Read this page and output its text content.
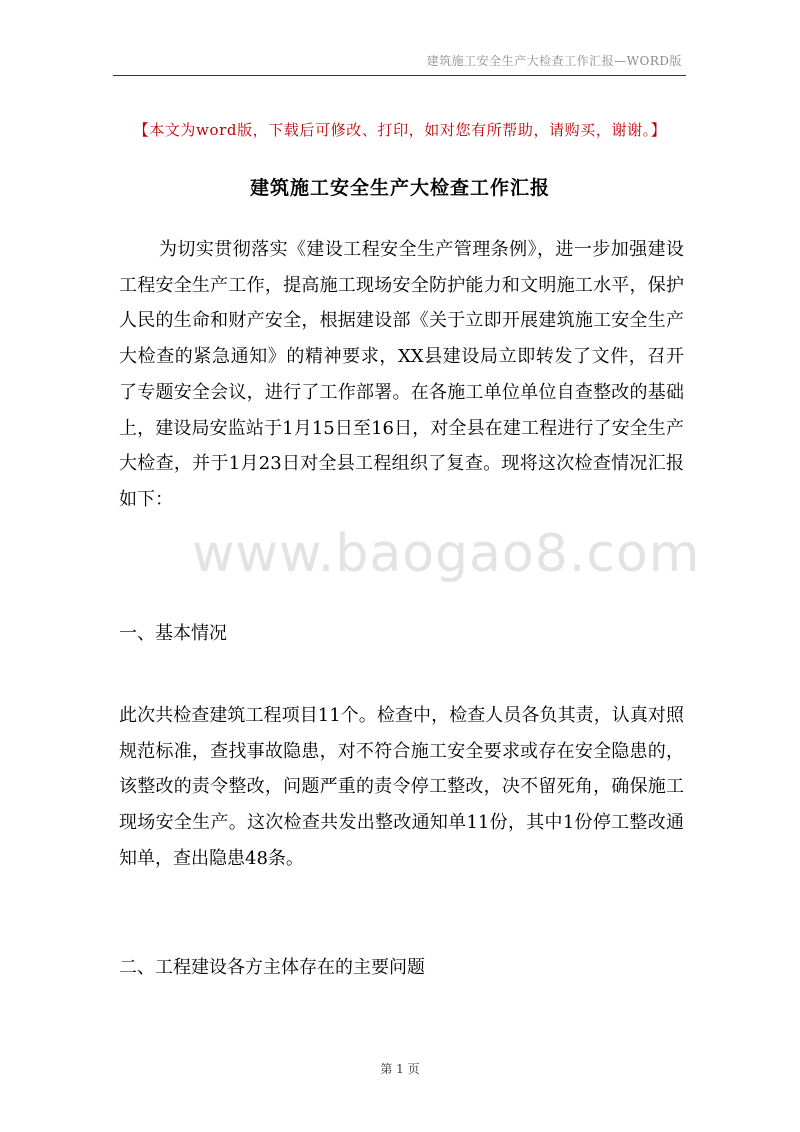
建筑施工安全生产大检查工作汇报—WORD版
【本文为word版，下载后可修改、打印，如对您有所帮助，请购买，谢谢。】
建筑施工安全生产大检查工作汇报
为切实贯彻落实《建设工程安全生产管理条例》，进一步加强建设工程安全生产工作，提高施工现场安全防护能力和文明施工水平，保护人民的生命和财产安全，根据建设部《关于立即开展建筑施工安全生产大检查的紧急通知》的精神要求，XX县建设局立即转发了文件，召开了专题安全会议，进行了工作部署。在各施工单位单位自查整改的基础上，建设局安监站于1月15日至16日，对全县在建工程进行了安全生产大检查，并于1月23日对全县工程组织了复查。现将这次检查情况汇报如下：
www.baogao8.com
一、基本情况
此次共检查建筑工程项目11个。检查中，检查人员各负其责，认真对照规范标准，查找事故隐患，对不符合施工安全要求或存在安全隐患的，该整改的责令整改，问题严重的责令停工整改，决不留死角，确保施工现场安全生产。这次检查共发出整改通知单11份，其中1份停工整改通知单，查出隐患48条。
二、工程建设各方主体存在的主要问题
第 1 页
